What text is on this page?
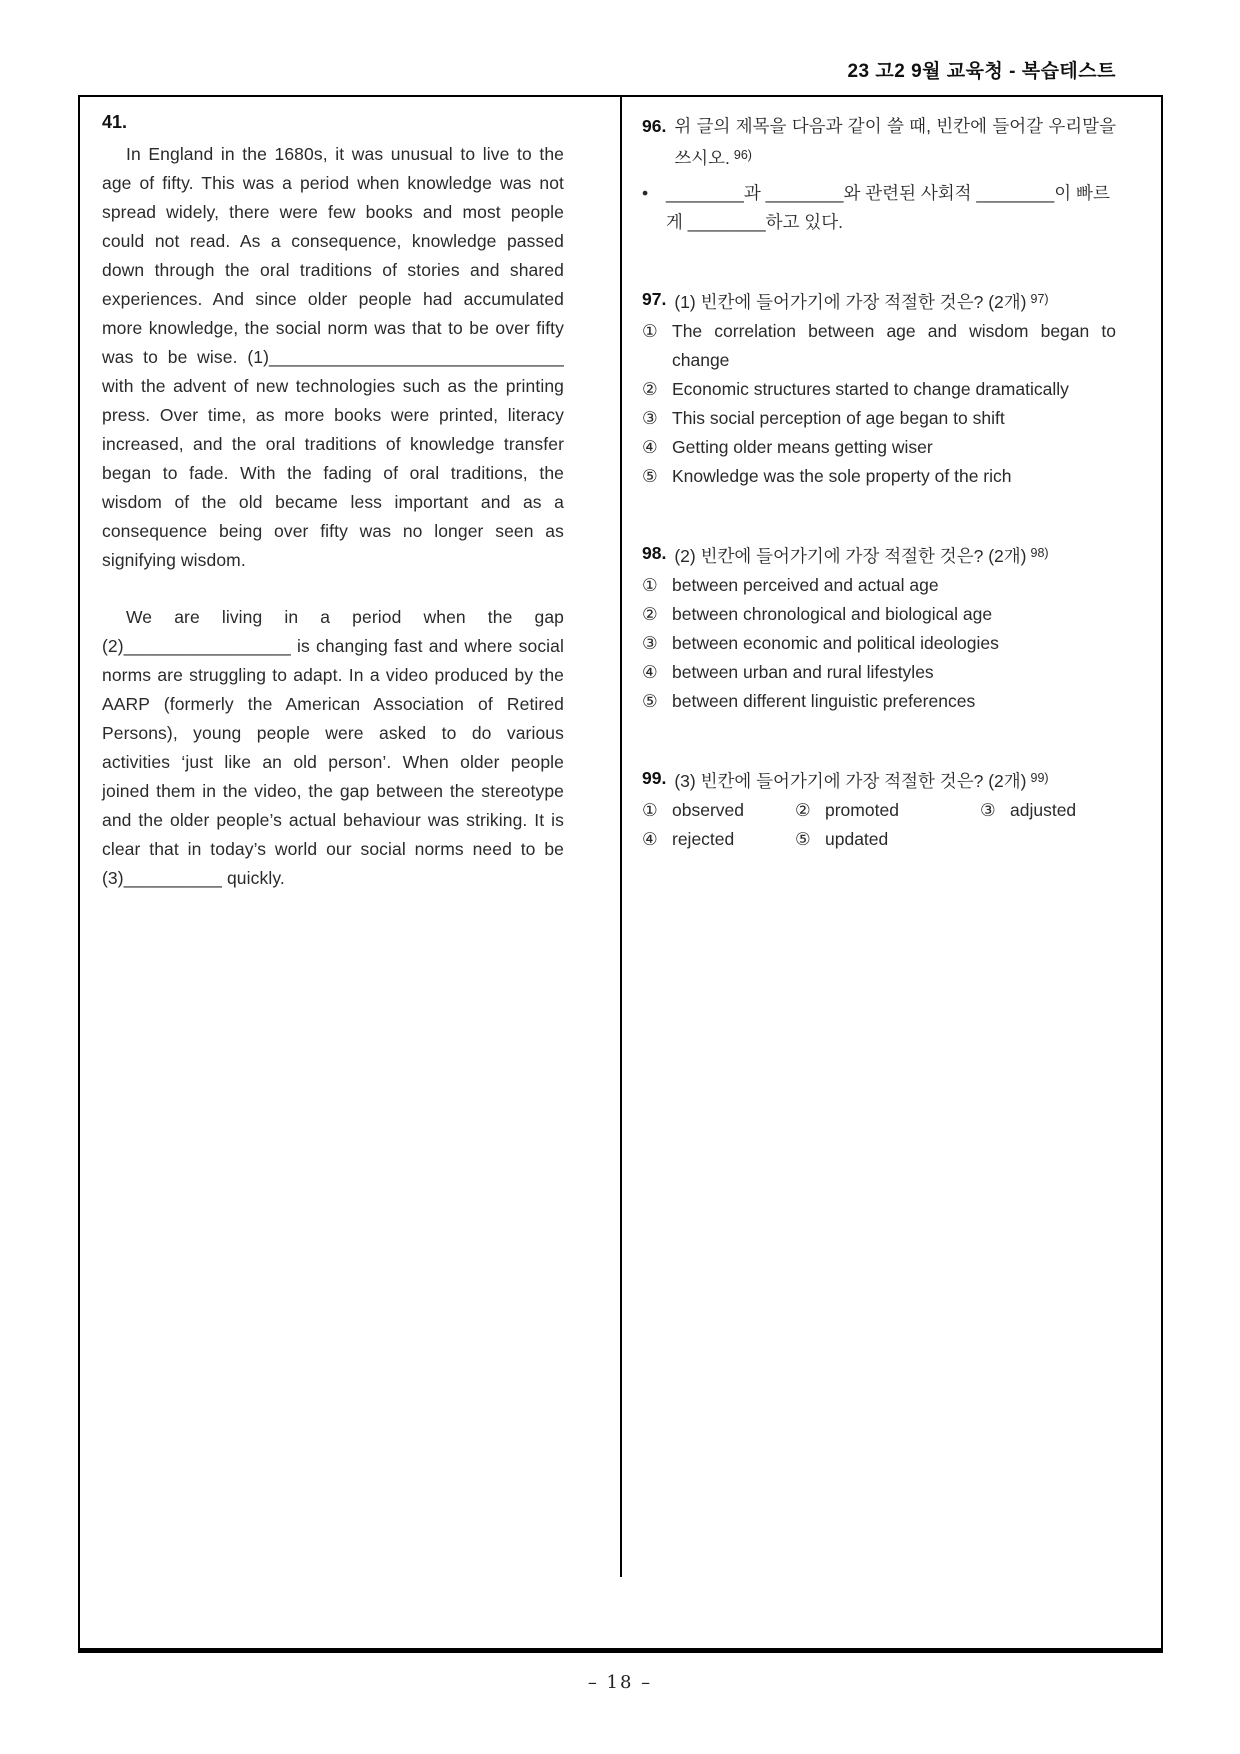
23 고2 9월 교육청 - 복습테스트
41.

In England in the 1680s, it was unusual to live to the age of fifty. This was a period when knowledge was not spread widely, there were few books and most people could not read. As a consequence, knowledge passed down through the oral traditions of stories and shared experiences. And since older people had accumulated more knowledge, the social norm was that to be over fifty was to be wise. (1)______________________________ with the advent of new technologies such as the printing press. Over time, as more books were printed, literacy increased, and the oral traditions of knowledge transfer began to fade. With the fading of oral traditions, the wisdom of the old became less important and as a consequence being over fifty was no longer seen as signifying wisdom.

We are living in a period when the gap (2)_________________ is changing fast and where social norms are struggling to adapt. In a video produced by the AARP (formerly the American Association of Retired Persons), young people were asked to do various activities ‘just like an old person’. When older people joined them in the video, the gap between the stereotype and the older people’s actual behaviour was striking. It is clear that in today’s world our social norms need to be (3)__________ quickly.

96. 위 글의 제목을 다음과 같이 쓸 때, 빈칸에 들어갈 우리말을 쓰시오. $^{96)}$
•	________과 ________와 관련된 사회적 ________이 빠르게 ________하고 있다.
97. (1) 빈칸에 들어가기에 가장 적절한 것은? (2개) $^{97)}$
① The correlation between age and wisdom began to change
② Economic structures started to change dramatically
③ This social perception of age began to shift
④ Getting older means getting wiser
⑤ Knowledge was the sole property of the rich
98. (2) 빈칸에 들어가기에 가장 적절한 것은? (2개) $^{98)}$
① between perceived and actual age
② between chronological and biological age
③ between economic and political ideologies
④ between urban and rural lifestyles
⑤ between different linguistic preferences
99. (3) 빈칸에 들어가기에 가장 적절한 것은? (2개) $^{99)}$
① observed	② promoted	③ adjusted
④ rejected	⑤ updated
– 18 –
